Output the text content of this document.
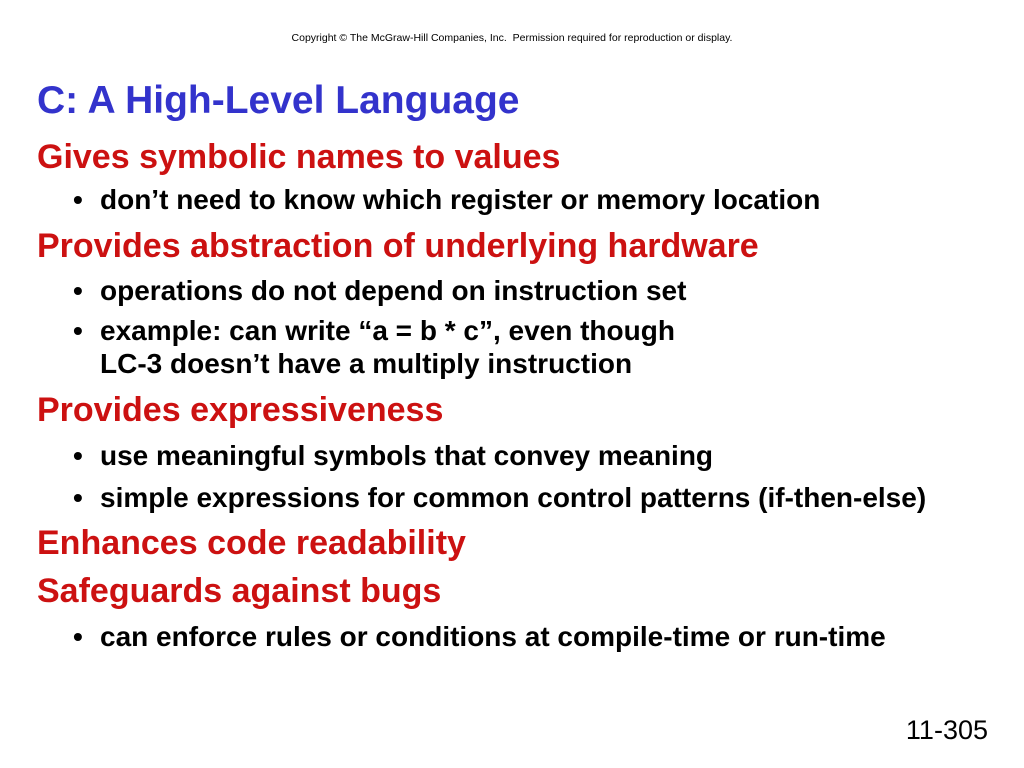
Copyright © The McGraw-Hill Companies, Inc.  Permission required for reproduction or display.
C: A High-Level Language
Gives symbolic names to values
• don’t need to know which register or memory location
Provides abstraction of underlying hardware
• operations do not depend on instruction set
• example: can write “a = b * c”, even though
LC-3 doesn’t have a multiply instruction
Provides expressiveness
• use meaningful symbols that convey meaning
• simple expressions for common control patterns (if-then-else)
Enhances code readability
Safeguards against bugs
• can enforce rules or conditions at compile-time or run-time
11-305
